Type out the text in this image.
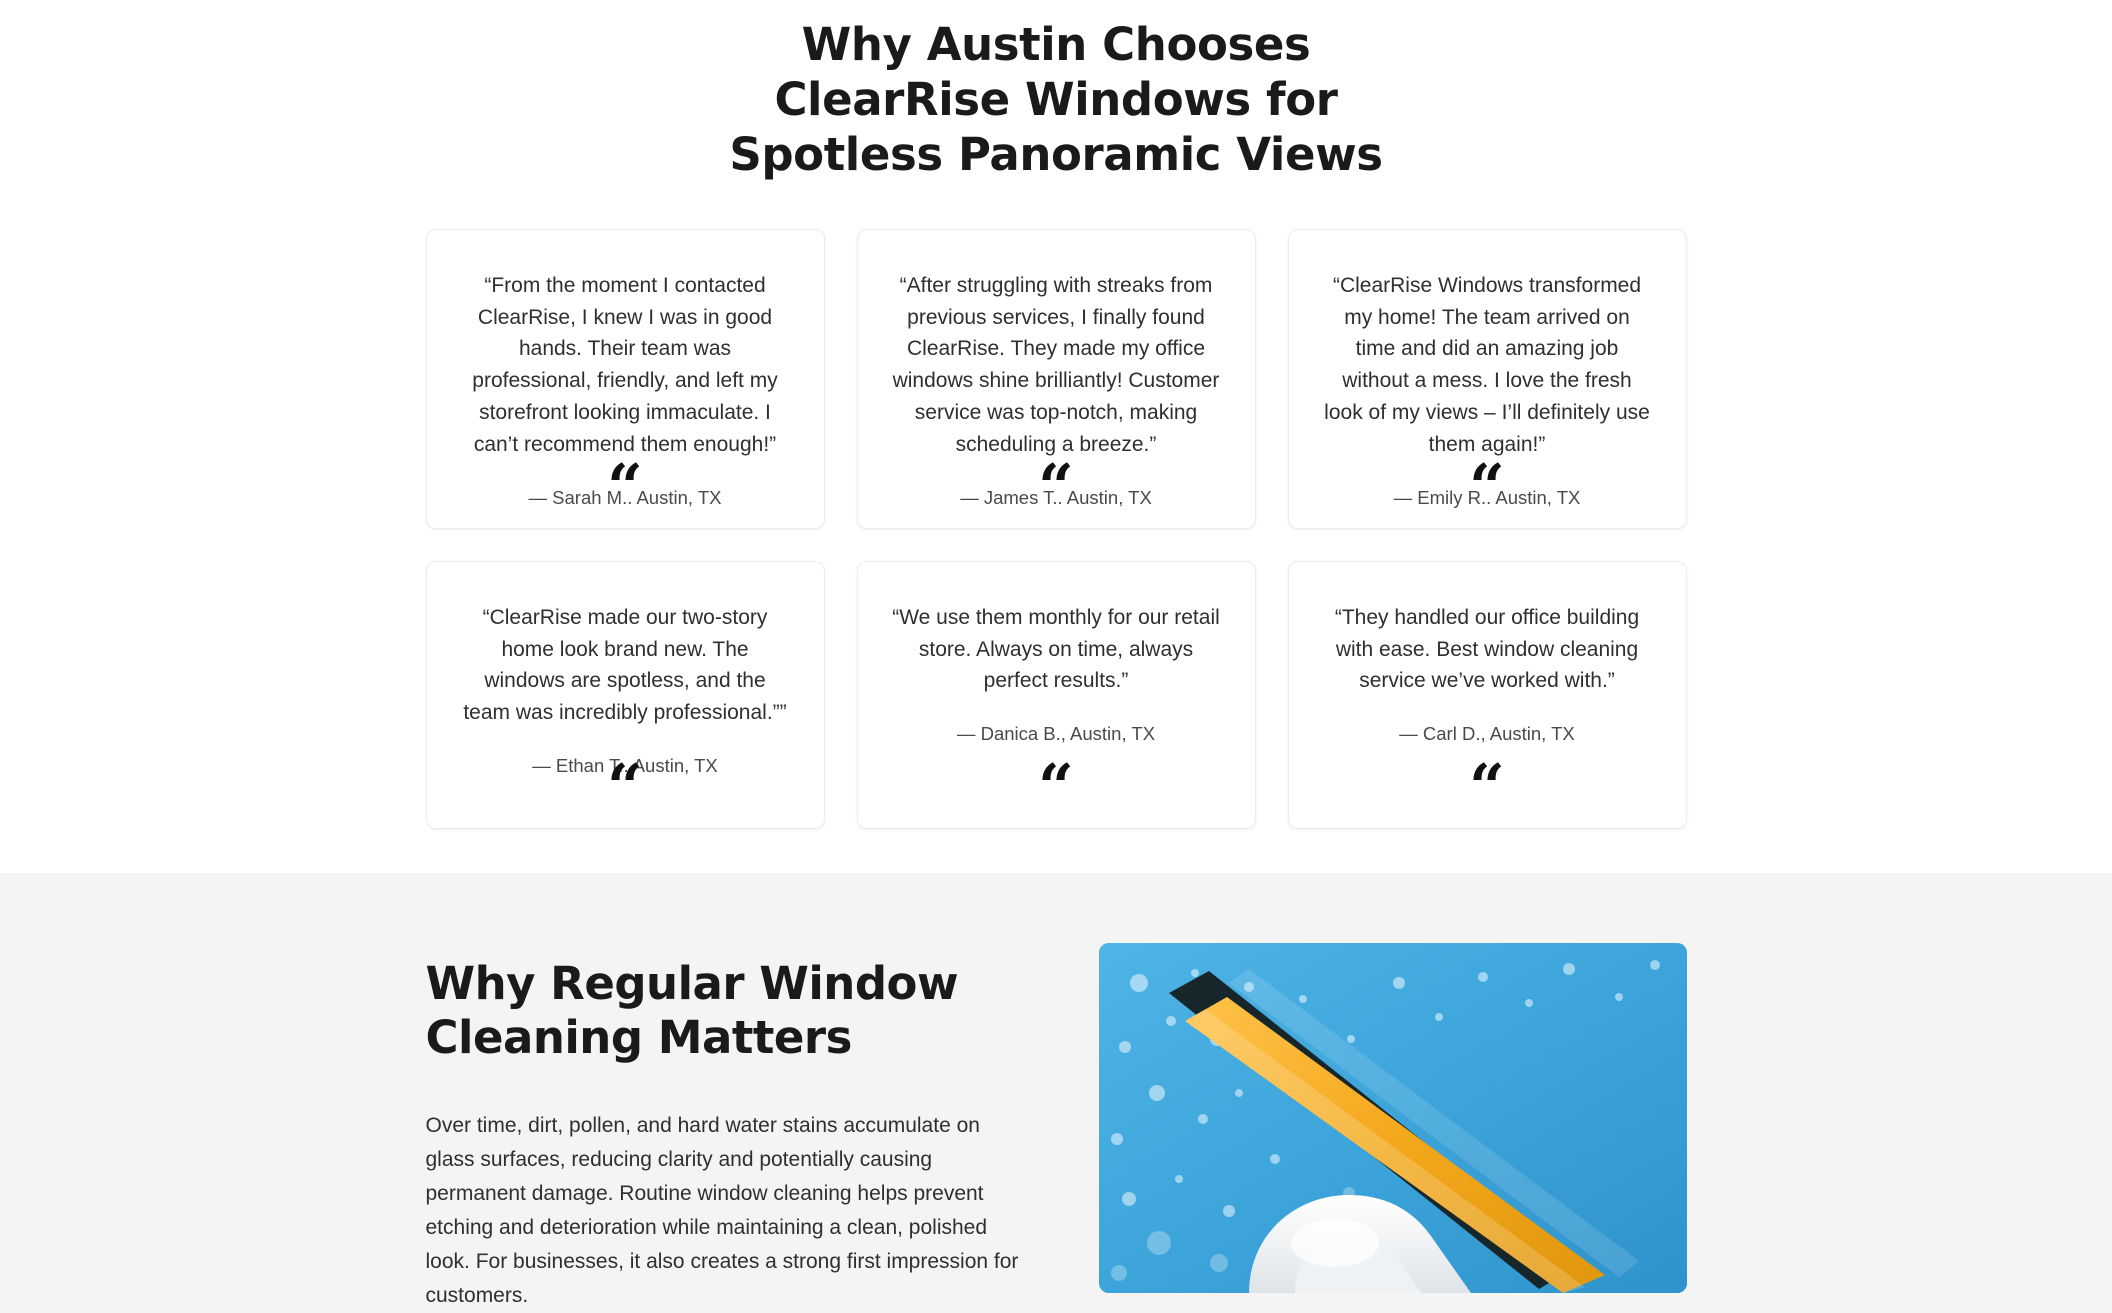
Why Austin Chooses ClearRise Windows for Spotless Panoramic Views

“From the moment I contacted ClearRise, I knew I was in good hands. Their team was professional, friendly, and left my storefront looking immaculate. I can’t recommend them enough!”

— Sarah M.. Austin, TX
“

“After struggling with streaks from previous services, I finally found ClearRise. They made my office windows shine brilliantly! Customer service was top-notch, making scheduling a breeze.”

— James T.. Austin, TX
“

“ClearRise Windows transformed my home! The team arrived on time and did an amazing job without a mess. I love the fresh look of my views – I’ll definitely use them again!”

— Emily R.. Austin, TX
“

“ClearRise made our two-story home look brand new. The windows are spotless, and the team was incredibly professional.””

— Ethan T.. Austin, TX
“

“We use them monthly for our retail store. Always on time, always perfect results.”

— Danica B., Austin, TX
“

“They handled our office building with ease. Best window cleaning service we’ve worked with.”

— Carl D., Austin, TX
“
Why Regular Window Cleaning Matters

Over time, dirt, pollen, and hard water stains accumulate on glass surfaces, reducing clarity and potentially causing permanent damage. Routine window cleaning helps prevent etching and deterioration while maintaining a clean, polished look. For businesses, it also creates a strong first impression for customers.
